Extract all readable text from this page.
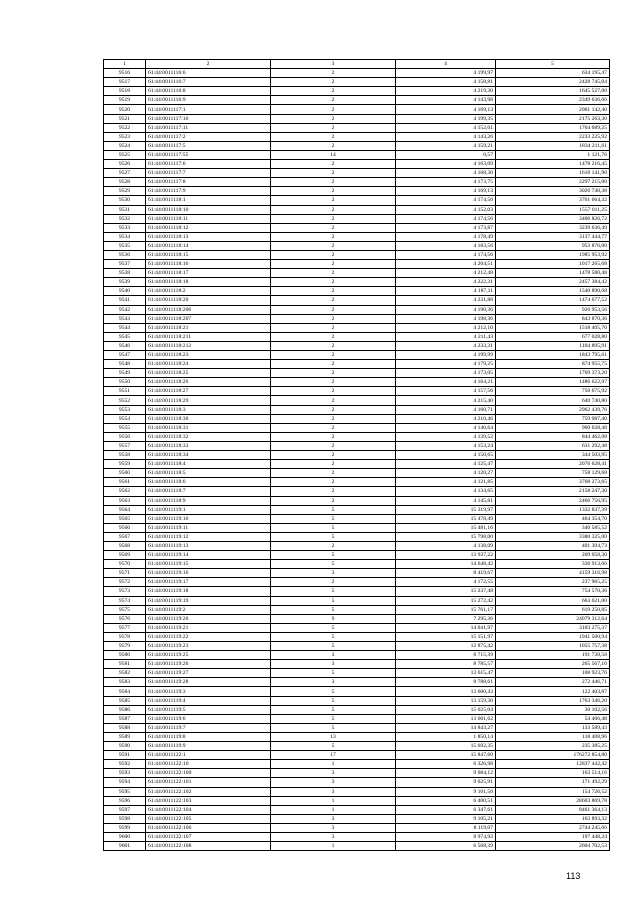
1	2	3	4	5
9516	61:44:0011116:6	2	4 199,97	634 195,47
9517	61:44:0011116:7	2	4 158,81	2428 745,04
9518	61:44:0011116:8	2	4 219,30	1645 527,00
9519	61:44:0011116:9	2	4 143,98	2349 636,66
9520	61:44:0011117:1	2	4 169,13	2001 142,40
9521	61:44:0011117:10	2	4 199,35	2175 263,30
9522	61:44:0011117:11	2	4 152,01	1764 689,25
9523	61:44:0011117:2	2	4 143,26	2233 225,92
9524	61:44:0011117:5	2	4 159,21	1834 211,61
9525	61:44:0011117:55	14	0,57	1 121,76
9526	61:44:0011117:6	2	4 163,09	1478 216,45
9527	61:44:0011117:7	2	4 168,30	1618 141,90
9528	61:44:0011117:8	2	4 173,75	2297 215,00
9529	61:44:0011117:9	2	4 169,13	3026 748,38
9530	61:44:0011118:1	2	4 174,56	3761 664,32
9531	61:44:0011118:10	2	4 152,03	1557 011,25
9532	61:44:0011118:11	2	4 174,56	3406 826,72
9533	61:44:0011118:12	2	4 173,87	3239 636,49
9534	61:44:0011118:13	2	4 178,49	3137 444,77
9535	61:44:0011118:14	2	4 183,56	953 876,00
9536	61:44:0011118:15	2	4 174,56	1985 953,92
9537	61:44:0011118:16	2	4 204,51	1017 265,68
9538	61:44:0011118:17	2	4 212,48	1478 580,48
9539	61:44:0011118:18	2	4 222,31	2457 384,42
9540	61:44:0011118:2	2	4 187,11	1540 890,68
9541	61:44:0011118:20	2	4 231,88	1474 677,52
9542	61:44:0011118:206	2	4 190,36	926 953,56
9543	61:44:0011118:207	2	4 198,36	843 870,36
9544	61:44:0011118:21	2	4 212,10	1518 405,70
9545	61:44:0011118:211	2	4 211,43	677 028,80
9546	61:44:0011118:212	2	4 233,31	1104 895,91
9547	61:44:0011118:23	2	4 199,99	1843 795,61
9548	61:44:0011118:24	2	4 179,25	874 955,75
9549	61:44:0011118:25	2	4 173,05	1769 373,20
9550	61:44:0011118:26	2	4 164,21	1486 622,97
9551	61:44:0011118:27	2	4 157,56	756 675,92
9552	61:44:0011118:29	2	4 215,40	640 740,80
9553	61:44:0011118:3	2	4 160,71	2962 439,76
9554	61:44:0011118:30	2	4 210,46	759 987,40
9555	61:44:0011118:31	2	4 140,64	960 628,48
9556	61:44:0011118:32	2	4 139,52	844 462,08
9557	61:44:0011118:33	2	4 153,24	631 292,48
9558	61:44:0011118:34	2	4 150,65	344 503,95
9559	61:44:0011118:4	2	4 125,47	2076 628,41
9560	61:44:0011118:5	2	4 120,27	758 129,68
9561	61:44:0011118:6	2	4 121,85	3768 273,65
9562	61:44:0011118:7	2	4 134,65	2158 247,30
9563	61:44:0011118:9	2	4 145,81	2466 756,95
9564	61:44:0011119:1	5	15 319,97	1332 837,39
9565	61:44:0011119:10	5	15 478,49	464 354,70
9566	61:44:0011119:11	5	15 481,16	340 585,52
9567	61:44:0011119:12	5	15 798,00	3380 325,00
9568	61:44:0011119:13	2	4 138,09	401 394,73
9569	61:44:0011119:14	5	13 937,22	209 058,30
9570	61:44:0011119:15	5	14 648,42	336 913,66
9571	61:44:0011119:16	3	8 419,67	4159 316,98
9572	61:44:0011119:17	2	4 172,55	237 965,25
9573	61:44:0011119:18	5	15 237,48	754 570,36
9574	61:44:0011119:19	5	15 272,42	663 621,00
9575	61:44:0011119:2	5	15 761,17	619 250,85
9576	61:44:0011119:20	9	7 295,36	24079 312,64
9577	61:44:0011119:21	5	14 041,97	3103 275,37
9578	61:44:0011119:22	5	15 151,97	1941 500,94
9579	61:44:0011119:23	5	12 875,42	1055 757,38
9580	61:44:0011119:25	3	8 715,39	191 738,58
9581	61:44:0011119:26	3	8 785,57	265 567,10
9582	61:44:0011119:27	5	13 615,47	108 923,76
9583	61:44:0011119:28	3	8 788,61	272 446,71
9584	61:44:0011119:3	5	13 600,43	122 403,87
9585	61:44:0011119:4	5	13 159,30	1763 346,20
9586	61:44:0011119:5	5	15 025,04	30 102,56
9587	61:44:0011119:6	5	13 601,62	54 406,48
9588	61:44:0011119:7	5	14 843,27	133 589,43
9589	61:44:0011119:8	13	1 850,14	118 408,96
9590	61:44:0011119:9	5	15 692,35	235 385,25
9591	61:44:0011122:1	17	15 847,60	176272 854,80
9592	61:44:0011122:10	1	6 326,98	12837 442,42
9593	61:44:0011122:100	3	9 084,12	163 514,16
9594	61:44:0011122:101	3	9 025,91	171 492,29
9595	61:44:0011122:102	3	9 101,56	154 726,52
9596	61:44:0011122:103	1	6 400,51	28603 869,78
9597	61:44:0011122:104	1	6 347,61	8461 364,13
9598	61:44:0011122:105	3	9 105,21	163 893,32
9599	61:44:0011122:106	3	8 119,07	2744 245,66
9600	61:44:0011122:107	3	8 974,92	197 448,24
9601	61:44:0011122:108	1	6 568,39	2604 702,53
113
